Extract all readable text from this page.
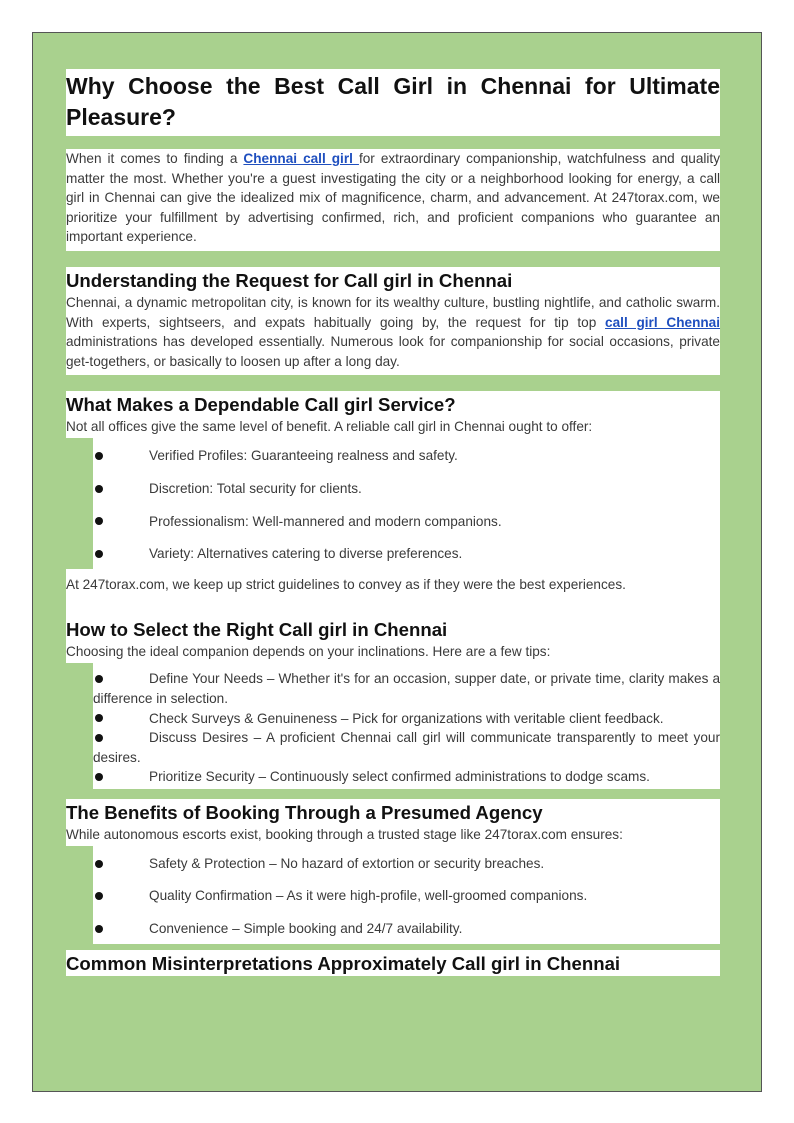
Why Choose the Best Call Girl in Chennai for Ultimate Pleasure?

When it comes to finding a Chennai call girl for extraordinary companionship, watchfulness and quality matter the most. Whether you're a guest investigating the city or a neighborhood looking for energy, a call girl in Chennai can give the idealized mix of magnificence, charm, and advancement. At 247torax.com, we prioritize your fulfillment by advertising confirmed, rich, and proficient companions who guarantee an important experience.

Understanding the Request for Call girl in Chennai

Chennai, a dynamic metropolitan city, is known for its wealthy culture, bustling nightlife, and catholic swarm. With experts, sightseers, and expats habitually going by, the request for tip top call girl Chennai administrations has developed essentially. Numerous look for companionship for social occasions, private get-togethers, or basically to loosen up after a long day.

What Makes a Dependable Call girl Service?
Not all offices give the same level of benefit. A reliable call girl in Chennai ought to offer:
Verified Profiles: Guaranteeing realness and safety.
Discretion: Total security for clients.
Professionalism: Well-mannered and modern companions.
Variety: Alternatives catering to diverse preferences.
At 247torax.com, we keep up strict guidelines to convey as if they were the best experiences.
How to Select the Right Call girl in Chennai
Choosing the ideal companion depends on your inclinations. Here are a few tips:
Define Your Needs – Whether it's for an occasion, supper date, or private time, clarity makes a difference in selection.
Check Surveys & Genuineness – Pick for organizations with veritable client feedback.
Discuss Desires – A proficient Chennai call girl will communicate transparently to meet your desires.
Prioritize Security – Continuously select confirmed administrations to dodge scams.
The Benefits of Booking Through a Presumed Agency
While autonomous escorts exist, booking through a trusted stage like 247torax.com ensures:
Safety & Protection – No hazard of extortion or security breaches.
Quality Confirmation – As it were high-profile, well-groomed companions.
Convenience – Simple booking and 24/7 availability.
Common Misinterpretations Approximately Call girl in Chennai
